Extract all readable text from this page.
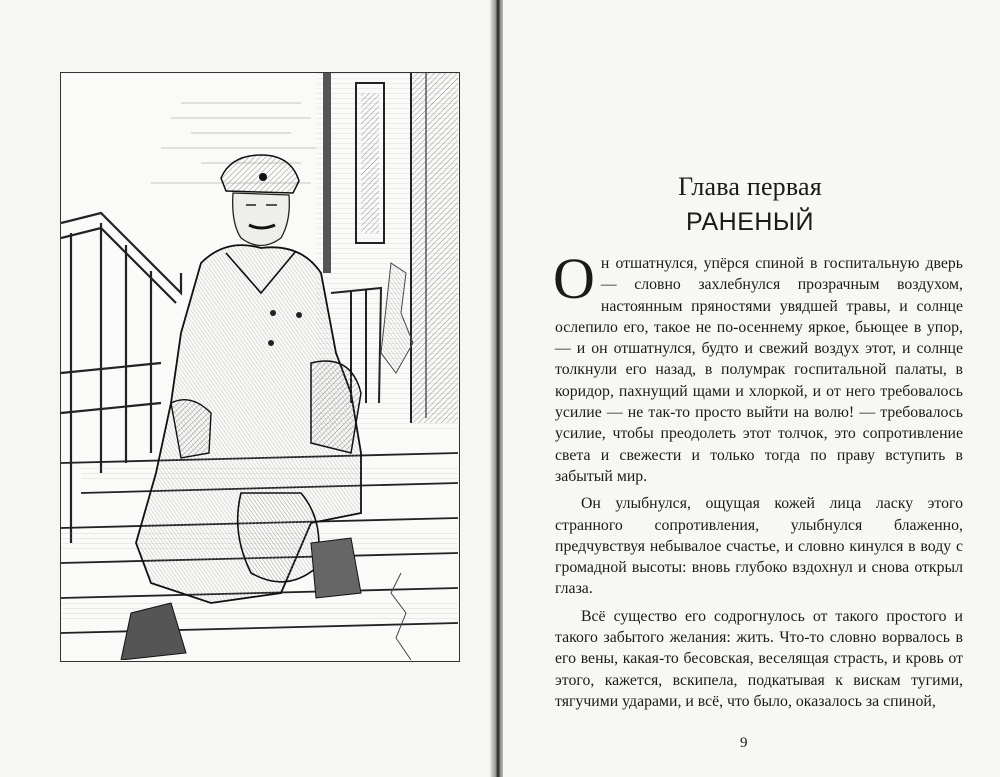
Глава первая
РАНЕНЫЙ

Он отшатнулся, упёрся спиной в госпитальную дверь — словно захлебнулся прозрачным воздухом, настоянным пряностями увядшей травы, и солнце ослепило его, такое не по-осеннему яркое, бьющее в упор, — и он отшатнулся, будто и свежий воздух этот, и солнце толкнули его назад, в полумрак госпитальной палаты, в коридор, пахнущий щами и хлоркой, и от него требовалось усилие — не так-то просто выйти на волю! — требовалось усилие, чтобы преодолеть этот толчок, это сопротивление света и свежести и только тогда по праву вступить в забытый мир.

Он улыбнулся, ощущая кожей лица ласку этого странного сопротивления, улыбнулся блаженно, предчувствуя небывалое счастье, и словно кинулся в воду с громадной высоты: вновь глубоко вздохнул и снова открыл глаза.

Всё существо его содрогнулось от такого простого и такого забытого желания: жить. Что-то словно ворвалось в его вены, какая-то бесовская, веселящая страсть, и кровь от этого, кажется, вскипела, подкатывая к вискам тугими, тягучими ударами, и всё, что было, оказалось за спиной,

9
